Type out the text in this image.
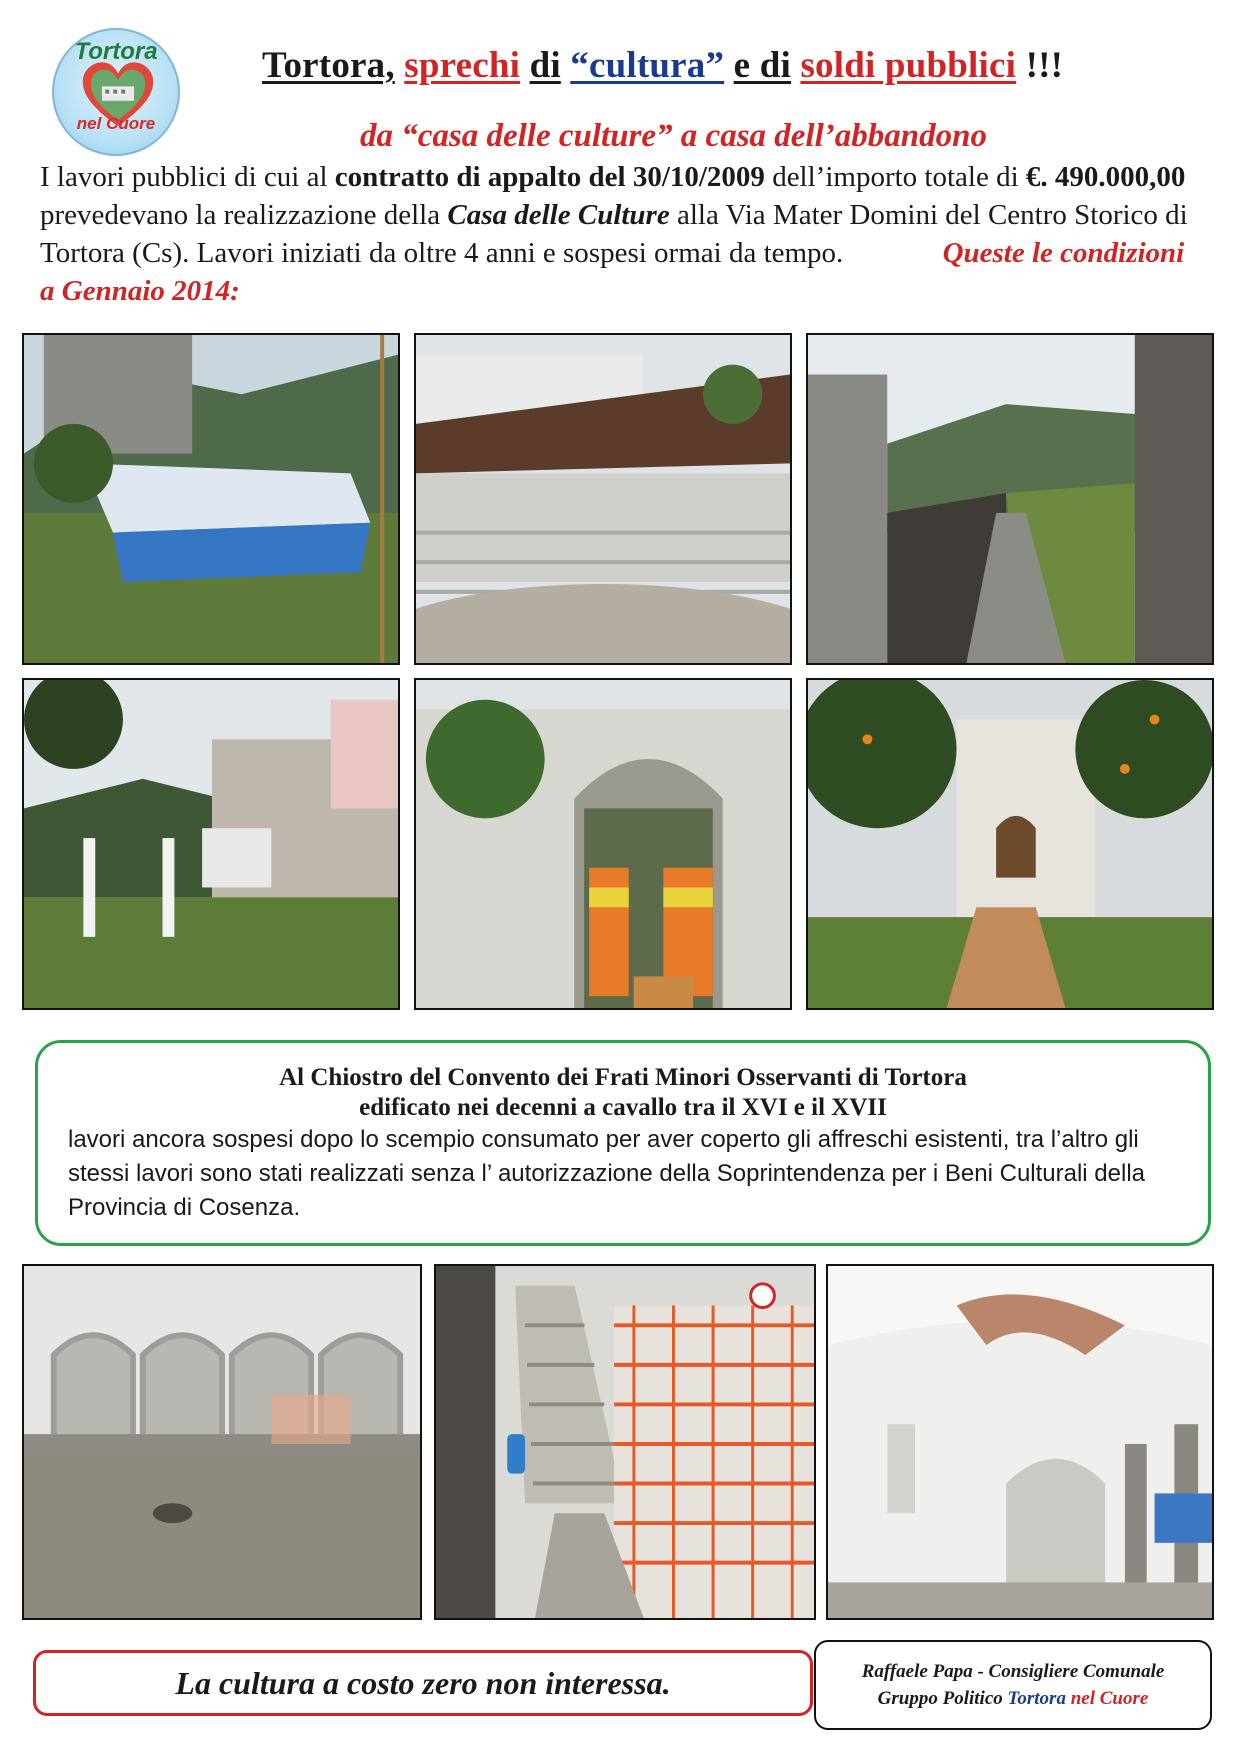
Tortora
nel Cuore
Tortora, sprechi di “cultura” e di soldi pubblici !!!
da “casa delle culture” a casa dell’abbandono
I lavori pubblici di cui al contratto di appalto del 30/10/2009 dell’importo totale di €. 490.000,00 prevedevano la realizzazione della Casa delle Culture alla Via Mater Domini del Centro Storico di Tortora (Cs). Lavori iniziati da oltre 4 anni e sospesi ormai da tempo.	Queste le condizioni a Gennaio 2014:
Al Chiostro del Convento dei Frati Minori Osservanti di Tortora
edificato nei decenni a cavallo tra il XVI e il XVII
lavori ancora sospesi dopo lo scempio consumato per aver coperto gli affreschi esistenti, tra l’altro gli stessi lavori sono stati realizzati senza l’ autorizzazione della Soprintendenza per i Beni Culturali della Provincia di Cosenza.
La cultura a costo zero non interessa.	Raffaele Papa - Consigliere Comunale
Gruppo Politico Tortora nel Cuore
